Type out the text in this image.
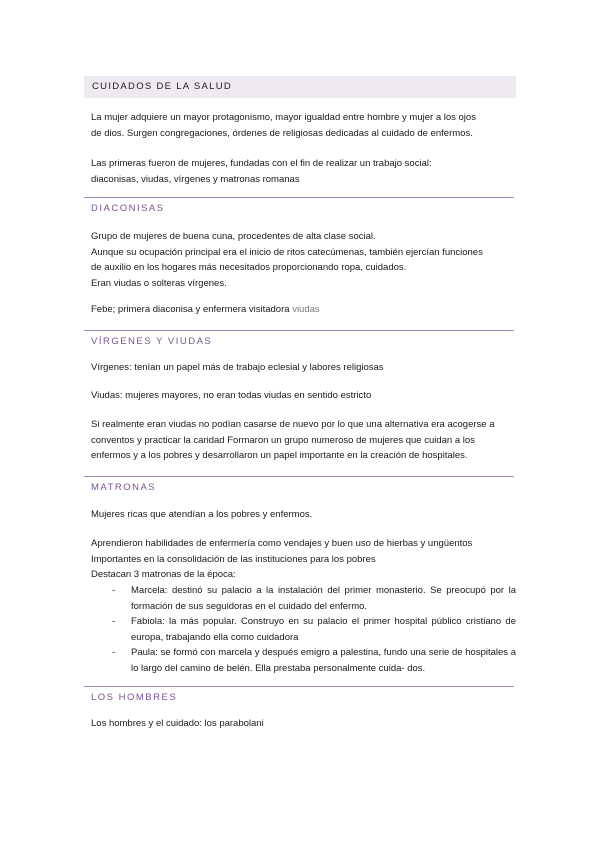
CUIDADOS DE LA SALUD

La mujer adquiere un mayor protagonismo, mayor igualdad entre hombre y mujer a los ojos
de dios. Surgen congregaciones, órdenes de religiosas dedicadas al cuidado de enfermos.

Las primeras fueron de mujeres, fundadas con el fin de realizar un trabajo social:
diaconisas, viudas, vírgenes y matronas romanas

DIACONISAS

Grupo de mujeres de buena cuna, procedentes de alta clase social.
Aunque su ocupación principal era el inicio de ritos catecúmenas, también ejercían funciones
de auxilio en los hogares más necesitados proporcionando ropa, cuidados.
Eran viudas o solteras vírgenes.

Febe; primera diaconisa y enfermera visitadora viudas

VÍRGENES Y VIUDAS

Vírgenes: tenían un papel más de trabajo eclesial y labores religiosas

Viudas: mujeres mayores, no eran todas viudas en sentido estricto

Si realmente eran viudas no podían casarse de nuevo por lo que una alternativa era acogerse a
conventos y practicar la caridad Formaron un grupo numeroso de mujeres que cuidan a los
enfermos y a los pobres y desarrollaron un papel importante en la creación de hospitales.

MATRONAS

Mujeres ricas que atendían a los pobres y enfermos.

Aprendieron habilidades de enfermería como vendajes y buen uso de hierbas y ungüentos
Importantes en la consolidación de las instituciones para los pobres
Destacan 3 matronas de la época:

- Marcela: destinó su palacio a la instalación del primer monasterio. Se preocupó por la formación de sus seguidoras en el cuidado del enfermo.
- Fabiola: la más popular. Construyo en su palacio el primer hospital público cristiano de europa, trabajando ella como cuidadora
- Paula: se formó con marcela y después emigro a palestina, fundo una serie de hospitales a lo largo del camino de belén. Ella prestaba personalmente cuida- dos.
LOS HOMBRES

Los hombres y el cuidado: los parabolani
